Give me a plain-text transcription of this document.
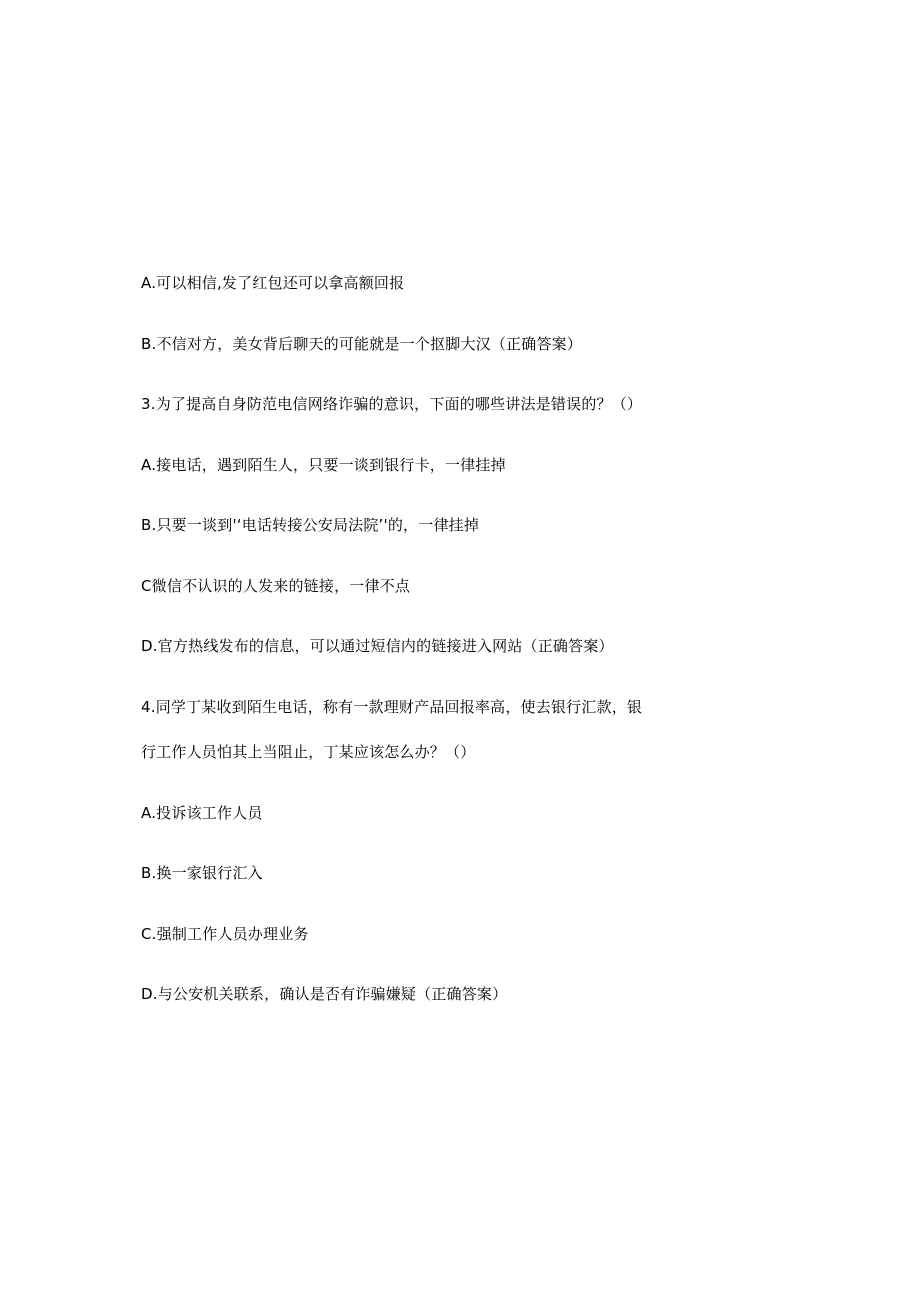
A.可以相信,发了红包还可以拿高额回报
B.不信对方，美女背后聊天的可能就是一个抠脚大汉（正确答案）
3.为了提高自身防范电信网络诈骗的意识，下面的哪些讲法是错误的？（）
A.接电话，遇到陌生人，只要一谈到银行卡，一律挂掉
B.只要一谈到'‘电话转接公安局法院’'的，一律挂掉
C微信不认识的人发来的链接，一律不点
D.官方热线发布的信息，可以通过短信内的链接进入网站（正确答案）
4.同学丁某收到陌生电话，称有一款理财产品回报率高，使去银行汇款，银
行工作人员怕其上当阻止，丁某应该怎么办？（）
A.投诉该工作人员
B.换一家银行汇入
C.强制工作人员办理业务
D.与公安机关联系，确认是否有诈骗嫌疑（正确答案）
